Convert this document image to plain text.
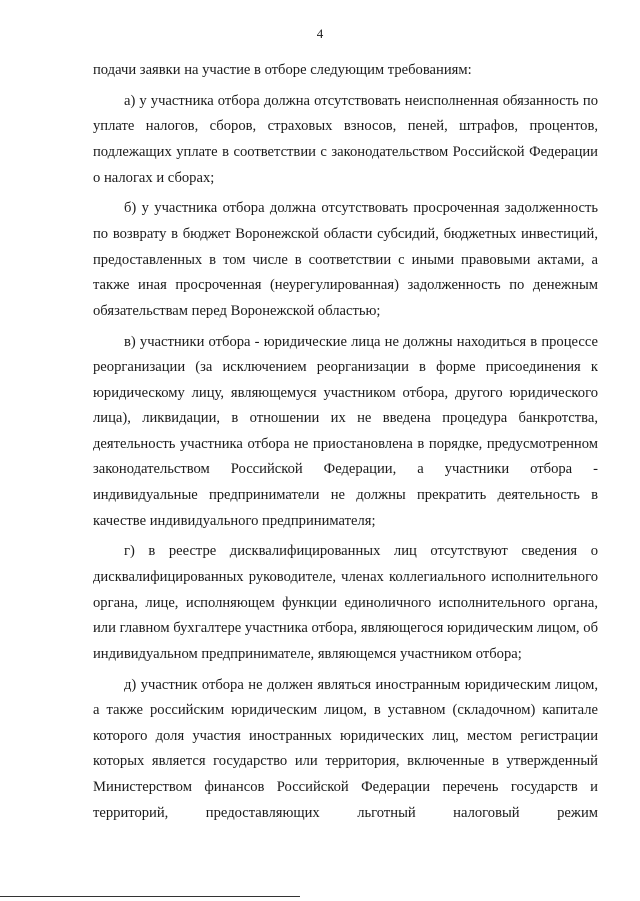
4

подачи заявки на участие в отборе следующим требованиям:

а) у участника отбора должна отсутствовать неисполненная обязанность по уплате налогов, сборов, страховых взносов, пеней, штрафов, процентов, подлежащих уплате в соответствии с законодательством Российской Федерации о налогах и сборах;

б) у участника отбора должна отсутствовать просроченная задолженность по возврату в бюджет Воронежской области субсидий, бюджетных инвестиций, предоставленных в том числе в соответствии с иными правовыми актами, а также иная просроченная (неурегулированная) задолженность по денежным обязательствам перед Воронежской областью;

в) участники отбора - юридические лица не должны находиться в процессе реорганизации (за исключением реорганизации в форме присоединения к юридическому лицу, являющемуся участником отбора, другого юридического лица), ликвидации, в отношении их не введена процедура банкротства, деятельность участника отбора не приостановлена в порядке, предусмотренном законодательством Российской Федерации, а участники отбора - индивидуальные предприниматели не должны прекратить деятельность в качестве индивидуального предпринимателя;

г) в реестре дисквалифицированных лиц отсутствуют сведения о дисквалифицированных руководителе, членах коллегиального исполнительного органа, лице, исполняющем функции единоличного исполнительного органа, или главном бухгалтере участника отбора, являющегося юридическим лицом, об индивидуальном предпринимателе, являющемся участником отбора;

д) участник отбора не должен являться иностранным юридическим лицом, а также российским юридическим лицом, в уставном (складочном) капитале которого доля участия иностранных юридических лиц, местом регистрации которых является государство или территория, включенные в утвержденный Министерством финансов Российской Федерации перечень государств и территорий, предоставляющих льготный налоговый режим
